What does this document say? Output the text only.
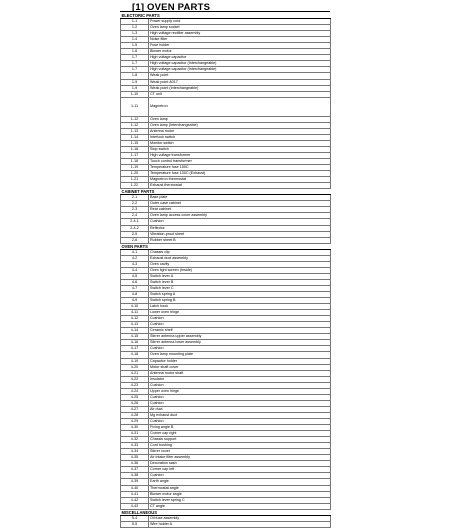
[1] OVEN PARTS
ELECTORIC PARTS	
1-1	Power supply cord
1-2	Oven lamp socket
1-3	High voltage rectifier assembly
1-4	Noise filter
1-5	Fuse holder
1-6	Blower motor
1-7	High voltage capacitor
1-7	High voltage capacitor (Interchangeable)
1-7	High voltage capacitor (Interchangeable)
1-8	Weak point
1-9	Weak point A017
1-9	Weak point (Interchangeable)
1-10	CT unit
1-11	Magnetron
1-12	Oven lamp
1-12	Oven lamp (Interchangeable)
1-13	Antenna motor
1-14	Interlock switch
1-15	Monitor switch
1-16	Stop switch
1-17	High voltage transformer
1-18	Touch control transformer
1-19	Temperature fuse 150C
1-20	Temperature fuse 130C (Exhaust)
1-21	Magnetron thermostat
1-22	Exhaust thermostat
CABINET PARTS	
2-1	Base plate
2-2	Outer case cabinet
2-3	Rear cabinet
2-4	Oven lamp access cover assembly
2-4-1	Cushion
2-4-2	Reflector
2-5	Vibration-proof sheet
2-6	Rubber sheet B
OVEN PARTS	
4-1	Chassis clip
4-2	Exhaust duct assembly
4-3	Oven cavity
4-4	Oven light screen (Inside)
4-5	Switch lever A
4-6	Switch lever B
4-7	Switch lever C
4-8	Switch spring A
4-9	Switch spring B
4-10	Latch hook
4-11	Lower oven hinge
4-12	Cushion
4-13	Cushion
4-14	Ceramic shelf
4-15	Stirrer antenna upper assembly
4-16	Stirrer antenna lower assembly
4-17	Cushion
4-18	Oven lamp mounting plate
4-19	Capacitor holder
4-20	Motor shaft cover
4-21	Antenna motor shaft
4-22	Insulator
4-23	Cushion
4-24	Upper oven hinge
4-25	Cushion
4-26	Cushion
4-27	Air duct
4-28	Mg exhaust duct
4-29	Cushion
4-30	Fixing angle B
4-31	Corner cap right
4-32	Chassis support
4-33	Cord bushing
4-34	Stirrer cover
4-35	Air intake filter assembly
4-36	Decoration sash
4-37	Corner cap left
4-38	Cushion
4-39	Earth angle
4-40	Thermostat angle
4-41	Blower motor angle
4-42	Switch lever spring C
4-43	CT angle
MISCELLANEOUS	
5-4	Oil fuse assembly
5-5	Wire holder A
